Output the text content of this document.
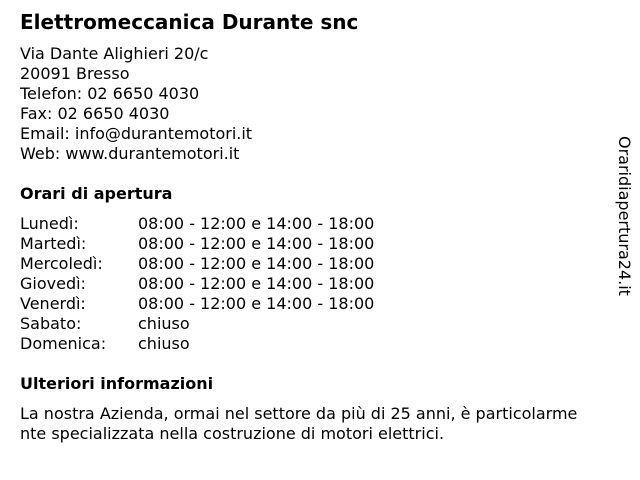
Elettromeccanica Durante snc
Via Dante Alighieri 20/c
20091 Bresso
Telefon: 02 6650 4030
Fax: 02 6650 4030
Email: info@durantemotori.it
Web: www.durantemotori.it
Orari di apertura
Lunedì:	08:00 - 12:00 e 14:00 - 18:00
Martedì:	08:00 - 12:00 e 14:00 - 18:00
Mercoledì: 08:00 - 12:00 e 14:00 - 18:00
Giovedì:	08:00 - 12:00 e 14:00 - 18:00
Venerdì:	08:00 - 12:00 e 14:00 - 18:00
Sabato:	chiuso
Domenica: chiuso
Ulteriori informazioni
La nostra Azienda, ormai nel settore da più di 25 anni, è particolarme
nte specializzata nella costruzione di motori elettrici.
Oraridiapertura24.it
